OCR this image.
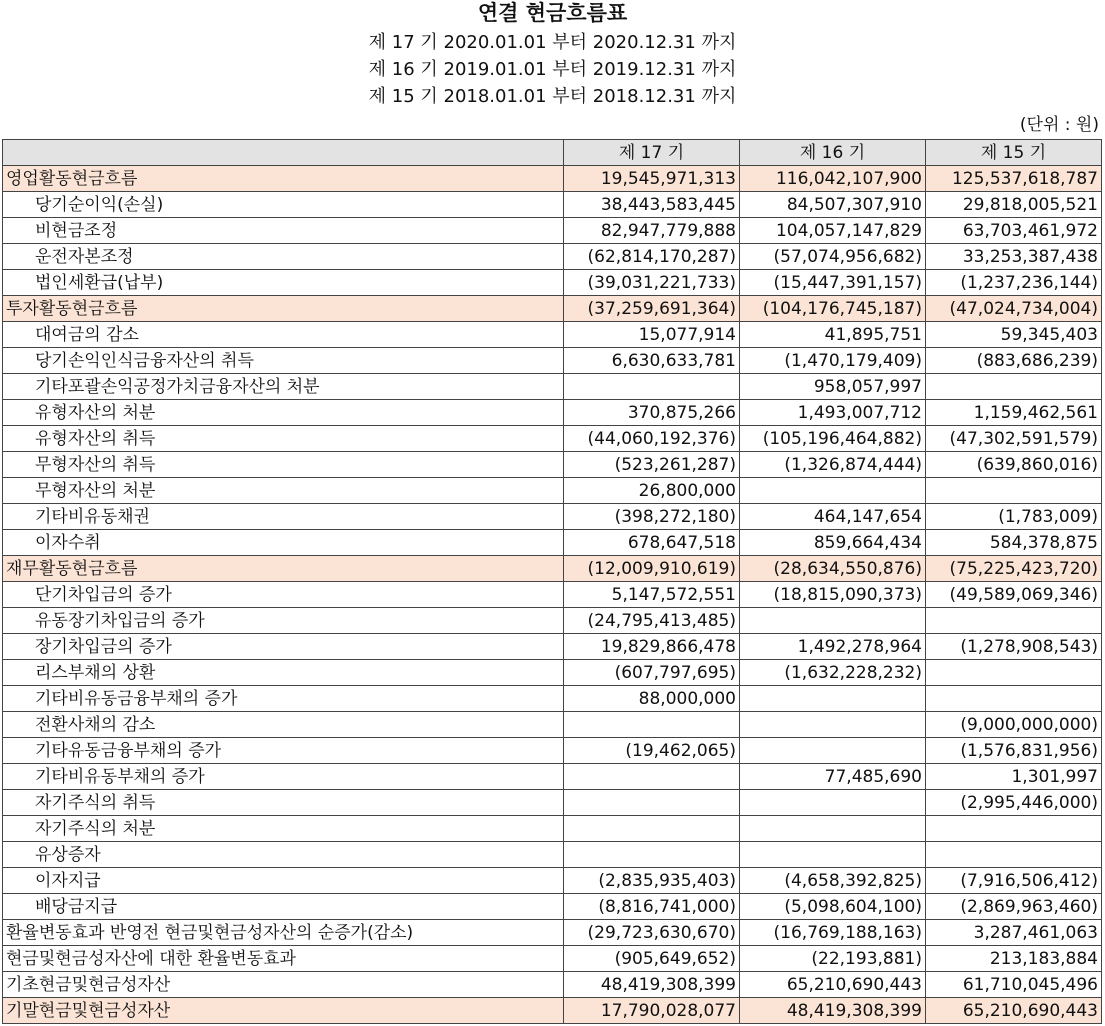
연결 현금흐름표
제 17 기 2020.01.01 부터 2020.12.31 까지
제 16 기 2019.01.01 부터 2019.12.31 까지
제 15 기 2018.01.01 부터 2018.12.31 까지
(단위 : 원)
	제 17 기	제 16 기	제 15 기
영업활동현금흐름	19,545,971,313	116,042,107,900	125,537,618,787
당기순이익(손실)	38,443,583,445	84,507,307,910	29,818,005,521
비현금조정	82,947,779,888	104,057,147,829	63,703,461,972
운전자본조정	(62,814,170,287)	(57,074,956,682)	33,253,387,438
법인세환급(납부)	(39,031,221,733)	(15,447,391,157)	(1,237,236,144)
투자활동현금흐름	(37,259,691,364)	(104,176,745,187)	(47,024,734,004)
대여금의 감소	15,077,914	41,895,751	59,345,403
당기손익인식금융자산의 취득	6,630,633,781	(1,470,179,409)	(883,686,239)
기타포괄손익공정가치금융자산의 처분		958,057,997	
유형자산의 처분	370,875,266	1,493,007,712	1,159,462,561
유형자산의 취득	(44,060,192,376)	(105,196,464,882)	(47,302,591,579)
무형자산의 취득	(523,261,287)	(1,326,874,444)	(639,860,016)
무형자산의 처분	26,800,000		
기타비유동채권	(398,272,180)	464,147,654	(1,783,009)
이자수취	678,647,518	859,664,434	584,378,875
재무활동현금흐름	(12,009,910,619)	(28,634,550,876)	(75,225,423,720)
단기차입금의 증가	5,147,572,551	(18,815,090,373)	(49,589,069,346)
유동장기차입금의 증가	(24,795,413,485)		
장기차입금의 증가	19,829,866,478	1,492,278,964	(1,278,908,543)
리스부채의 상환	(607,797,695)	(1,632,228,232)	
기타비유동금융부채의 증가	88,000,000		
전환사채의 감소			(9,000,000,000)
기타유동금융부채의 증가	(19,462,065)		(1,576,831,956)
기타비유동부채의 증가		77,485,690	1,301,997
자기주식의 취득			(2,995,446,000)
자기주식의 처분			
유상증자			
이자지급	(2,835,935,403)	(4,658,392,825)	(7,916,506,412)
배당금지급	(8,816,741,000)	(5,098,604,100)	(2,869,963,460)
환율변동효과 반영전 현금및현금성자산의 순증가(감소)	(29,723,630,670)	(16,769,188,163)	3,287,461,063
현금및현금성자산에 대한 환율변동효과	(905,649,652)	(22,193,881)	213,183,884
기초현금및현금성자산	48,419,308,399	65,210,690,443	61,710,045,496
기말현금및현금성자산	17,790,028,077	48,419,308,399	65,210,690,443
